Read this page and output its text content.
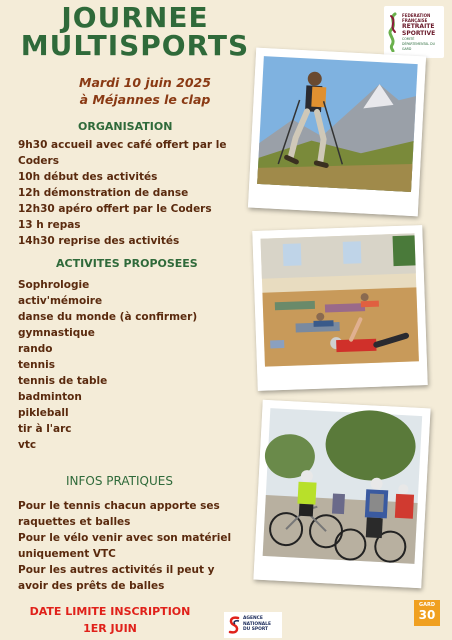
JOURNEE
MULTISPORTS
Mardi 10 juin 2025
à Méjannes le clap
FEDERATION FRANÇAISE
RETRAITE
SPORTIVE
COMITÉ DÉPARTEMENTAL DU GARD
ORGANISATION
9h30 accueil avec café offert par le
Coders
10h début des activités
12h démonstration de danse
12h30 apéro offert par le Coders
13 h repas
14h30 reprise des activités
ACTIVITES PROPOSEES
Sophrologie
activ'mémoire
danse du monde (à confirmer)
gymnastique
rando
tennis
tennis de table
badminton
pikleball
tir à l'arc
vtc
INFOS PRATIQUES
Pour le tennis chacun apporte ses
raquettes et balles
Pour le vélo venir avec son matériel
uniquement VTC
Pour les autres activités il peut y
avoir des prêts de balles
DATE LIMITE INSCRIPTION
1ER JUIN
AGENCE
NATIONALE
DU SPORT
GARD
30
